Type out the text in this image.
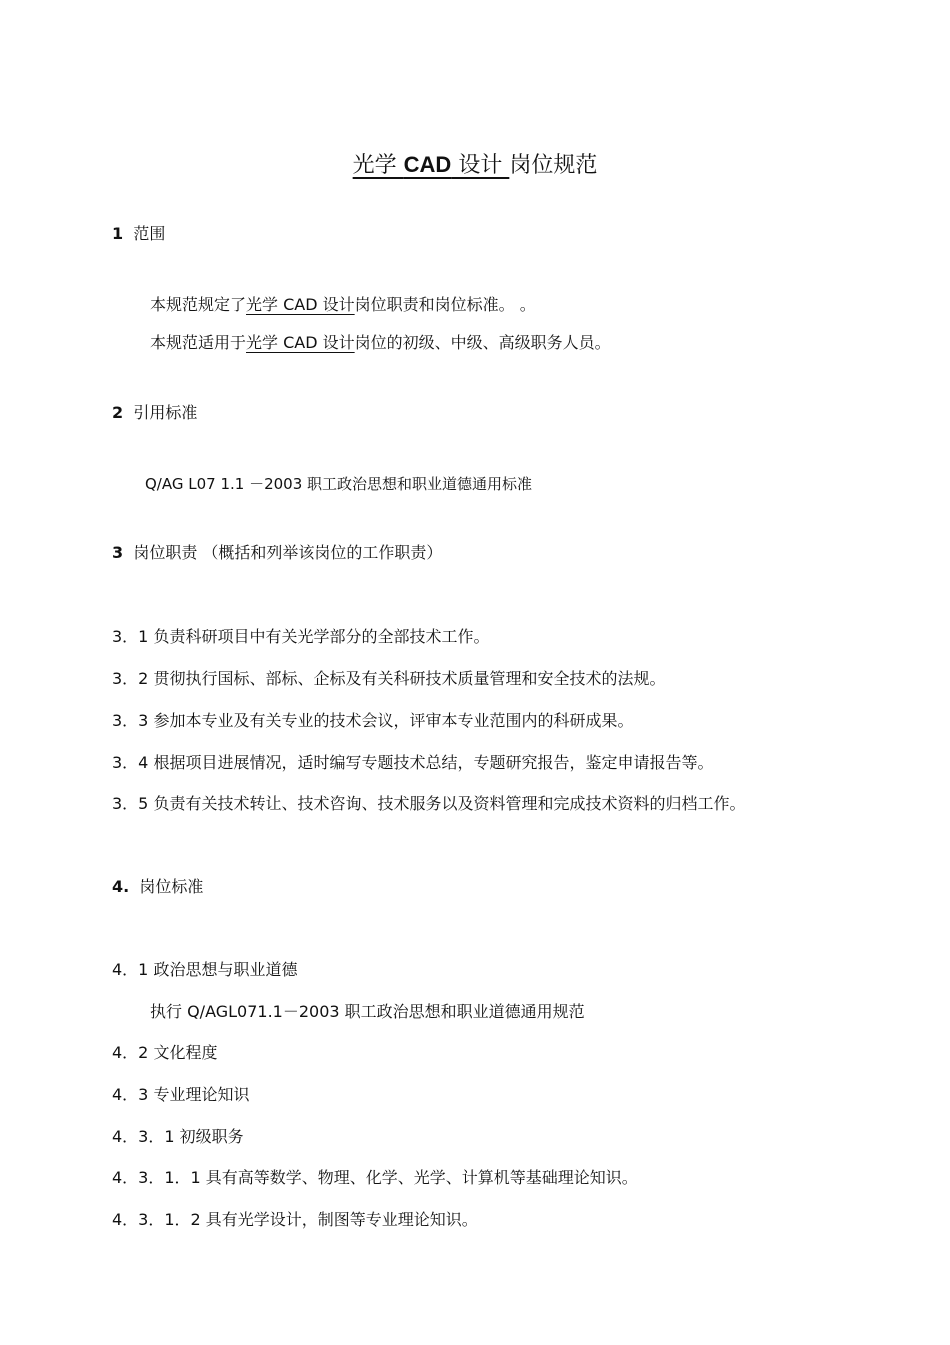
光学 CAD 设计 岗位规范
1 范围
本规范规定了光学 CAD 设计岗位职责和岗位标准。 。
本规范适用于光学 CAD 设计岗位的初级、中级、高级职务人员。
2 引用标准
Q/AG L07 1.1 －2003 职工政治思想和职业道德通用标准
3 岗位职责 （概括和列举该岗位的工作职责）
3．1 负责科研项目中有关光学部分的全部技术工作。
3．2 贯彻执行国标、部标、企标及有关科研技术质量管理和安全技术的法规。
3．3 参加本专业及有关专业的技术会议，评审本专业范围内的科研成果。
3．4 根据项目进展情况，适时编写专题技术总结，专题研究报告，鉴定申请报告等。
3．5 负责有关技术转让、技术咨询、技术服务以及资料管理和完成技术资料的归档工作。
4. 岗位标准
4．1 政治思想与职业道德
执行 Q/AGL071.1－2003 职工政治思想和职业道德通用规范
4．2 文化程度
4．3 专业理论知识
4．3．1 初级职务
4．3．1．1 具有高等数学、物理、化学、光学、计算机等基础理论知识。
4．3．1．2 具有光学设计，制图等专业理论知识。
